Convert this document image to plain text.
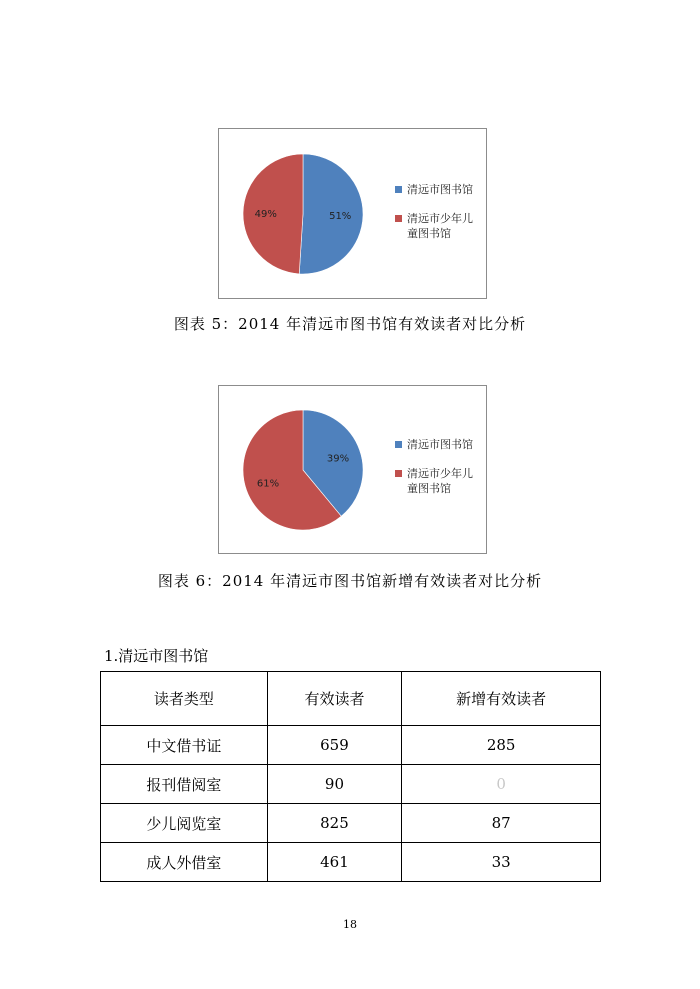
51%
49%
清远市图书馆
清远市少年儿童图书馆
图表 5：2014 年清远市图书馆有效读者对比分析
39%
61%
清远市图书馆
清远市少年儿童图书馆
图表 6：2014 年清远市图书馆新增有效读者对比分析
1.清远市图书馆
读者类型	有效读者	新增有效读者
中文借书证	659	285
报刊借阅室	90	0
少儿阅览室	825	87
成人外借室	461	33
18
